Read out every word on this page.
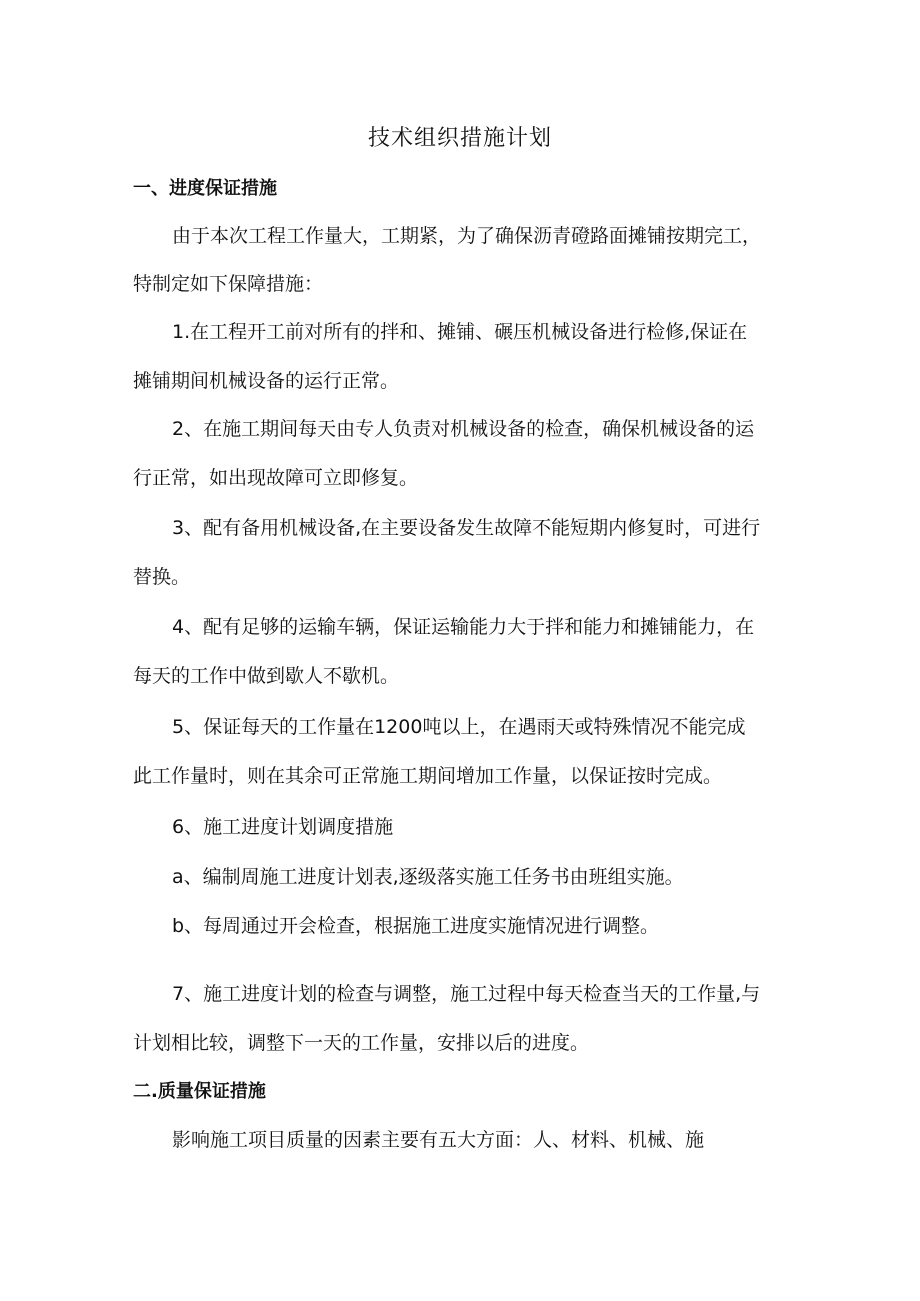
技术组织措施计划
一、进度保证措施
由于本次工程工作量大，工期紧，为了确保沥青磴路面摊铺按期完工，
特制定如下保障措施：
1.在工程开工前对所有的拌和、摊铺、碾压机械设备进行检修,保证在
摊铺期间机械设备的运行正常。
2、在施工期间每天由专人负责对机械设备的检查，确保机械设备的运
行正常，如出现故障可立即修复。
3、配有备用机械设备,在主要设备发生故障不能短期内修复时，可进行
替换。
4、配有足够的运输车辆，保证运输能力大于拌和能力和摊铺能力，在
每天的工作中做到歇人不歇机。
5、保证每天的工作量在1200吨以上，在遇雨天或特殊情况不能完成
此工作量时，则在其余可正常施工期间增加工作量，以保证按时完成。
6、施工进度计划调度措施
a、编制周施工进度计划表,逐级落实施工任务书由班组实施。
b、每周通过开会检查，根据施工进度实施情况进行调整。
7、施工进度计划的检查与调整，施工过程中每天检查当天的工作量,与
计划相比较，调整下一天的工作量，安排以后的进度。
二.质量保证措施
影响施工项目质量的因素主要有五大方面：人、材料、机械、施
